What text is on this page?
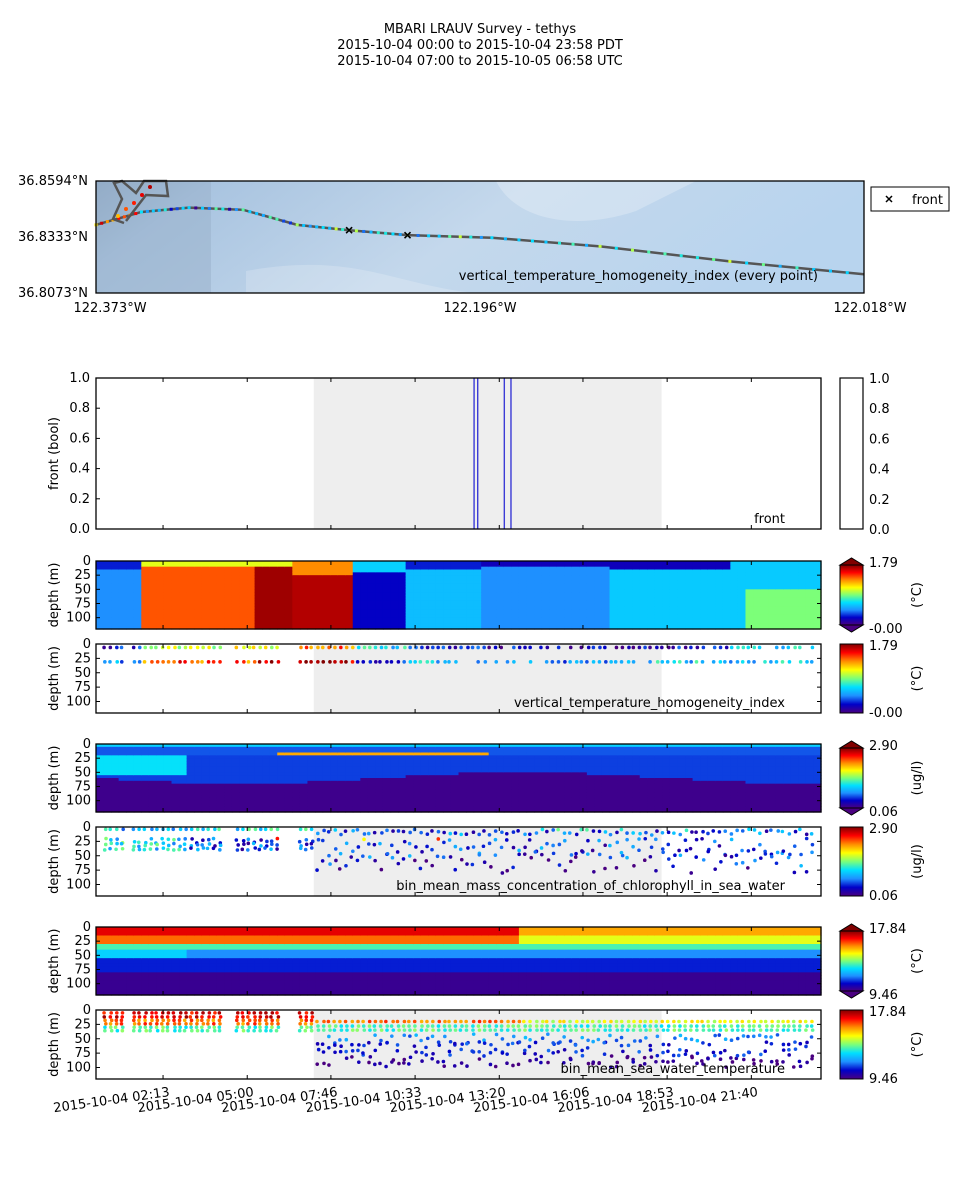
MBARI LRAUV Survey - tethys
2015-10-04 00:00 to 2015-10-04 23:58 PDT
2015-10-04 07:00 to 2015-10-05 06:58 UTC
vertical_temperature_homogeneity_index (every point)
36.8594°N
36.8333°N
36.8073°N
122.373°W	122.196°W	122.018°W
front
1.0
0.8
0.6
0.4
0.2
0.0
front (bool)
front
1.0
0.8
0.6
0.4
0.2
0.0
0
25
50
75
100
depth (m)	1.79
-0.00
(°C)
0
25
50
75
100
depth (m)	vertical_temperature_homogeneity_index
1.79
-0.00
(°C)
0
25
50
75
100
depth (m)	2.90
0.06
(ug/l)
0
25
50
75
100
depth (m)	bin_mean_mass_concentration_of_chlorophyll_in_sea_water
2.90
0.06
(ug/l)
0
25
50
75
100
depth (m)	17.84
9.46
(°C)
0
25
50
75
100
depth (m)	bin_mean_sea_water_temperature
17.84
9.46
(°C)
2015-10-04 02:13
2015-10-04 05:00
2015-10-04 07:46
2015-10-04 10:33
2015-10-04 13:20
2015-10-04 16:06
2015-10-04 18:53
2015-10-04 21:40
